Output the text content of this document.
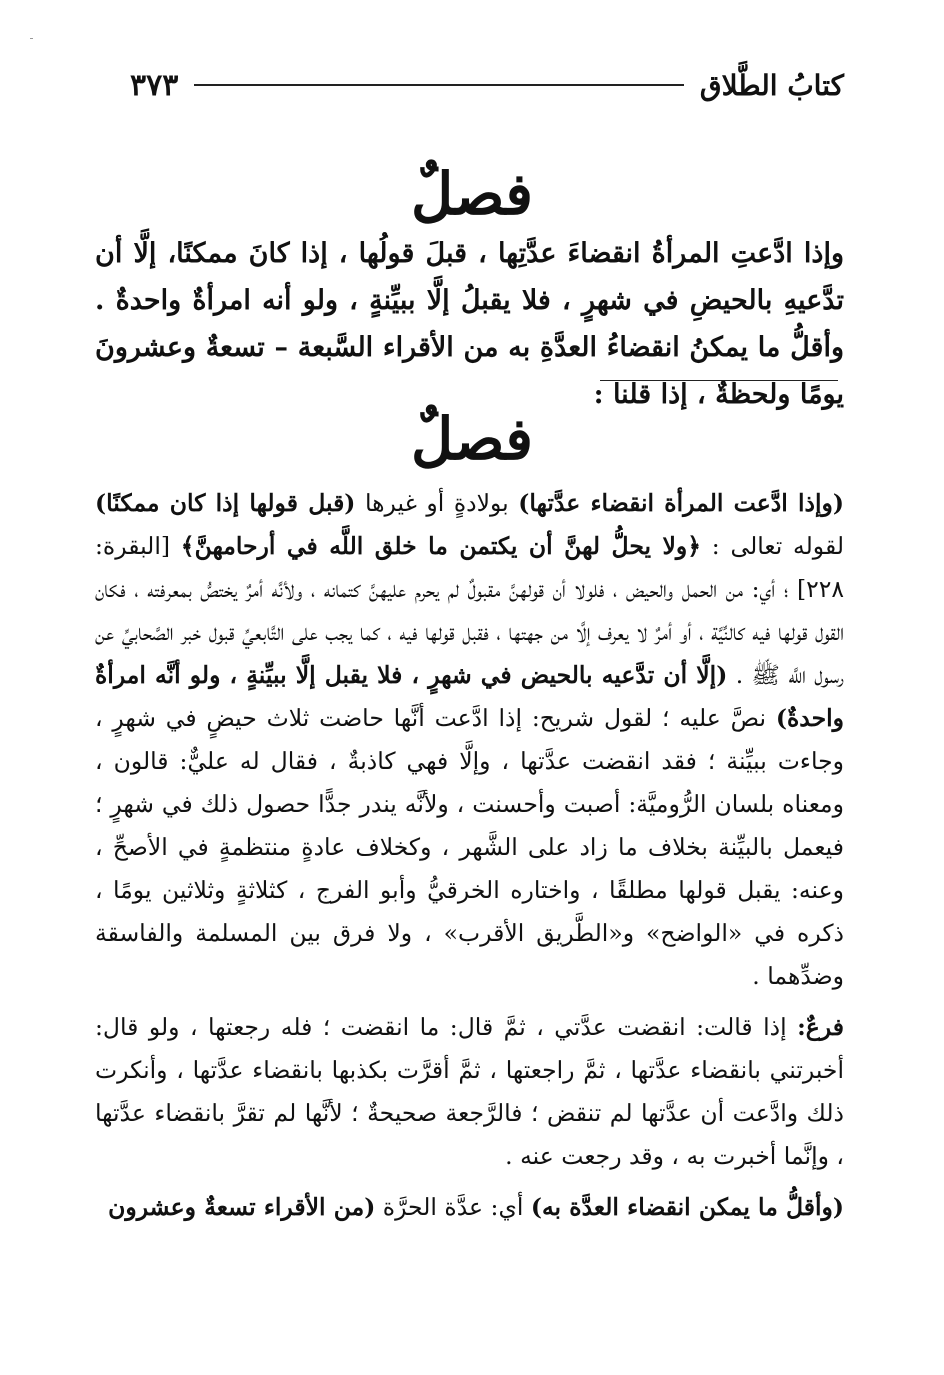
كتابُ الطَّلاق
٣٧٣
فصلٌ
وإذا ادَّعتِ المرأةُ انقضاءَ عدَّتِها ، قبلَ قولُها ، إذا كانَ ممكنًا، إلَّا أن تدَّعيهِ بالحيضِ في شهرٍ ، فلا يقبلُ إلَّا ببيِّنةٍ ، ولو أنه امرأةٌ واحدةٌ . وأقلُّ ما يمكنُ انقضاءُ العدَّةِ به من الأقراء السَّبعة – تسعةٌ وعشرونَ يومًا ولحظةٌ ، إذا قلنا :
فصلٌ

(وإذا ادَّعت المرأة انقضاء عدَّتها) بولادةٍ أو غيرها (قبل قولها إذا كان ممكنًا) لقوله تعالى : ﴿ولا يحلُّ لهنَّ أن يكتمن ما خلق اللَّه في أرحامهنَّ﴾ [البقرة: ٢٢٨] ؛ أي: من الحمل والحيض ، فلولا أن قولهنَّ مقبولٌ لم يحرم عليهنَّ كتمانه ، ولأنَّه أمرٌ يختصُّ بمعرفته ، فكان القول قولها فيه كالنِّيَّة ، أو أمرٌ لا يعرف إلَّا من جهتها ، فقبل قولها فيه ، كما يجب على التَّابعيِّ قبول خبر الصَّحابيِّ عن رسول اللَّه ﷺ . (إلَّا أن تدَّعيه بالحيض في شهرٍ ، فلا يقبل إلَّا ببيِّنةٍ ، ولو أنَّه امرأةٌ واحدةٌ) نصَّ عليه ؛ لقول شريح: إذا ادَّعت أنَّها حاضت ثلاث حيضٍ في شهرٍ ، وجاءت ببيِّنة ؛ فقد انقضت عدَّتها ، وإلَّا فهي كاذبةٌ ، فقال له عليٌّ: قالون ، ومعناه بلسان الرُّوميَّة: أصبت وأحسنت ، ولأنَّه يندر جدًّا حصول ذلك في شهرٍ ؛ فيعمل بالبيِّنة بخلاف ما زاد على الشَّهر ، وكخلاف عادةٍ منتظمةٍ في الأصحِّ ، وعنه: يقبل قولها مطلقًا ، واختاره الخرقيُّ وأبو الفرج ، كثلاثةٍ وثلاثين يومًا ، ذكره في «الواضح» و«الطَّريق الأقرب» ، ولا فرق بين المسلمة والفاسقة وضدِّهما .

فرعٌ: إذا قالت: انقضت عدَّتي ، ثمَّ قال: ما انقضت ؛ فله رجعتها ، ولو قال: أخبرتني بانقضاء عدَّتها ، ثمَّ راجعتها ، ثمَّ أقرَّت بكذبها بانقضاء عدَّتها ، وأنكرت ذلك وادَّعت أن عدَّتها لم تنقض ؛ فالرَّجعة صحيحةٌ ؛ لأنَّها لم تقرَّ بانقضاء عدَّتها ، وإنَّما أخبرت به ، وقد رجعت عنه .

(وأقلُّ ما يمكن انقضاء العدَّة به) أي: عدَّة الحرَّة (من الأقراء تسعةٌ وعشرون
